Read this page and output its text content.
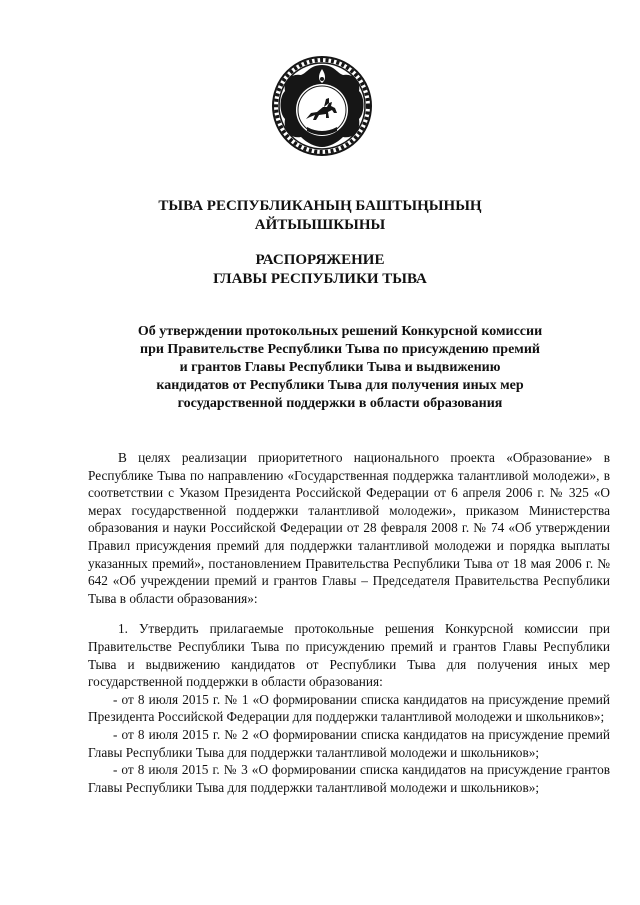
ТЫВА РЕСПУБЛИКАНЫҢ БАШТЫҢЫНЫҢ
АЙТЫЫШКЫНЫ
РАСПОРЯЖЕНИЕ
ГЛАВЫ РЕСПУБЛИКИ ТЫВА
Об утверждении протокольных решений Конкурсной комиссии
при Правительстве Республики Тыва по присуждению премий
и грантов Главы Республики Тыва и выдвижению
кандидатов от Республики Тыва для получения иных мер
государственной поддержки в области образования

В целях реализации приоритетного национального проекта «Образование» в Республике Тыва по направлению «Государственная поддержка талантливой молодежи», в соответствии с Указом Президента Российской Федерации от 6 апреля 2006 г. № 325 «О мерах государственной поддержки талантливой молодежи», приказом Министерства образования и науки Российской Федерации от 28 февраля 2008 г. № 74 «Об утверждении Правил присуждения премий для поддержки талантливой молодежи и порядка выплаты указанных премий», постановлением Правительства Республики Тыва от 18 мая 2006 г. № 642 «Об учреждении премий и грантов Главы – Председателя Правительства Республики Тыва в области образования»:

1. Утвердить прилагаемые протокольные решения Конкурсной комиссии при Правительстве Республики Тыва по присуждению премий и грантов Главы Республики Тыва и выдвижению кандидатов от Республики Тыва для получения иных мер государственной поддержки в области образования:

- от 8 июля 2015 г. № 1 «О формировании списка кандидатов на присуждение премий Президента Российской Федерации для поддержки талантливой молодежи и школьников»;

- от 8 июля 2015 г. № 2 «О формировании списка кандидатов на присуждение премий Главы Республики Тыва для поддержки талантливой молодежи и школьников»;

- от 8 июля 2015 г. № 3 «О формировании списка кандидатов на присуждение грантов Главы Республики Тыва для поддержки талантливой молодежи и школьников»;
